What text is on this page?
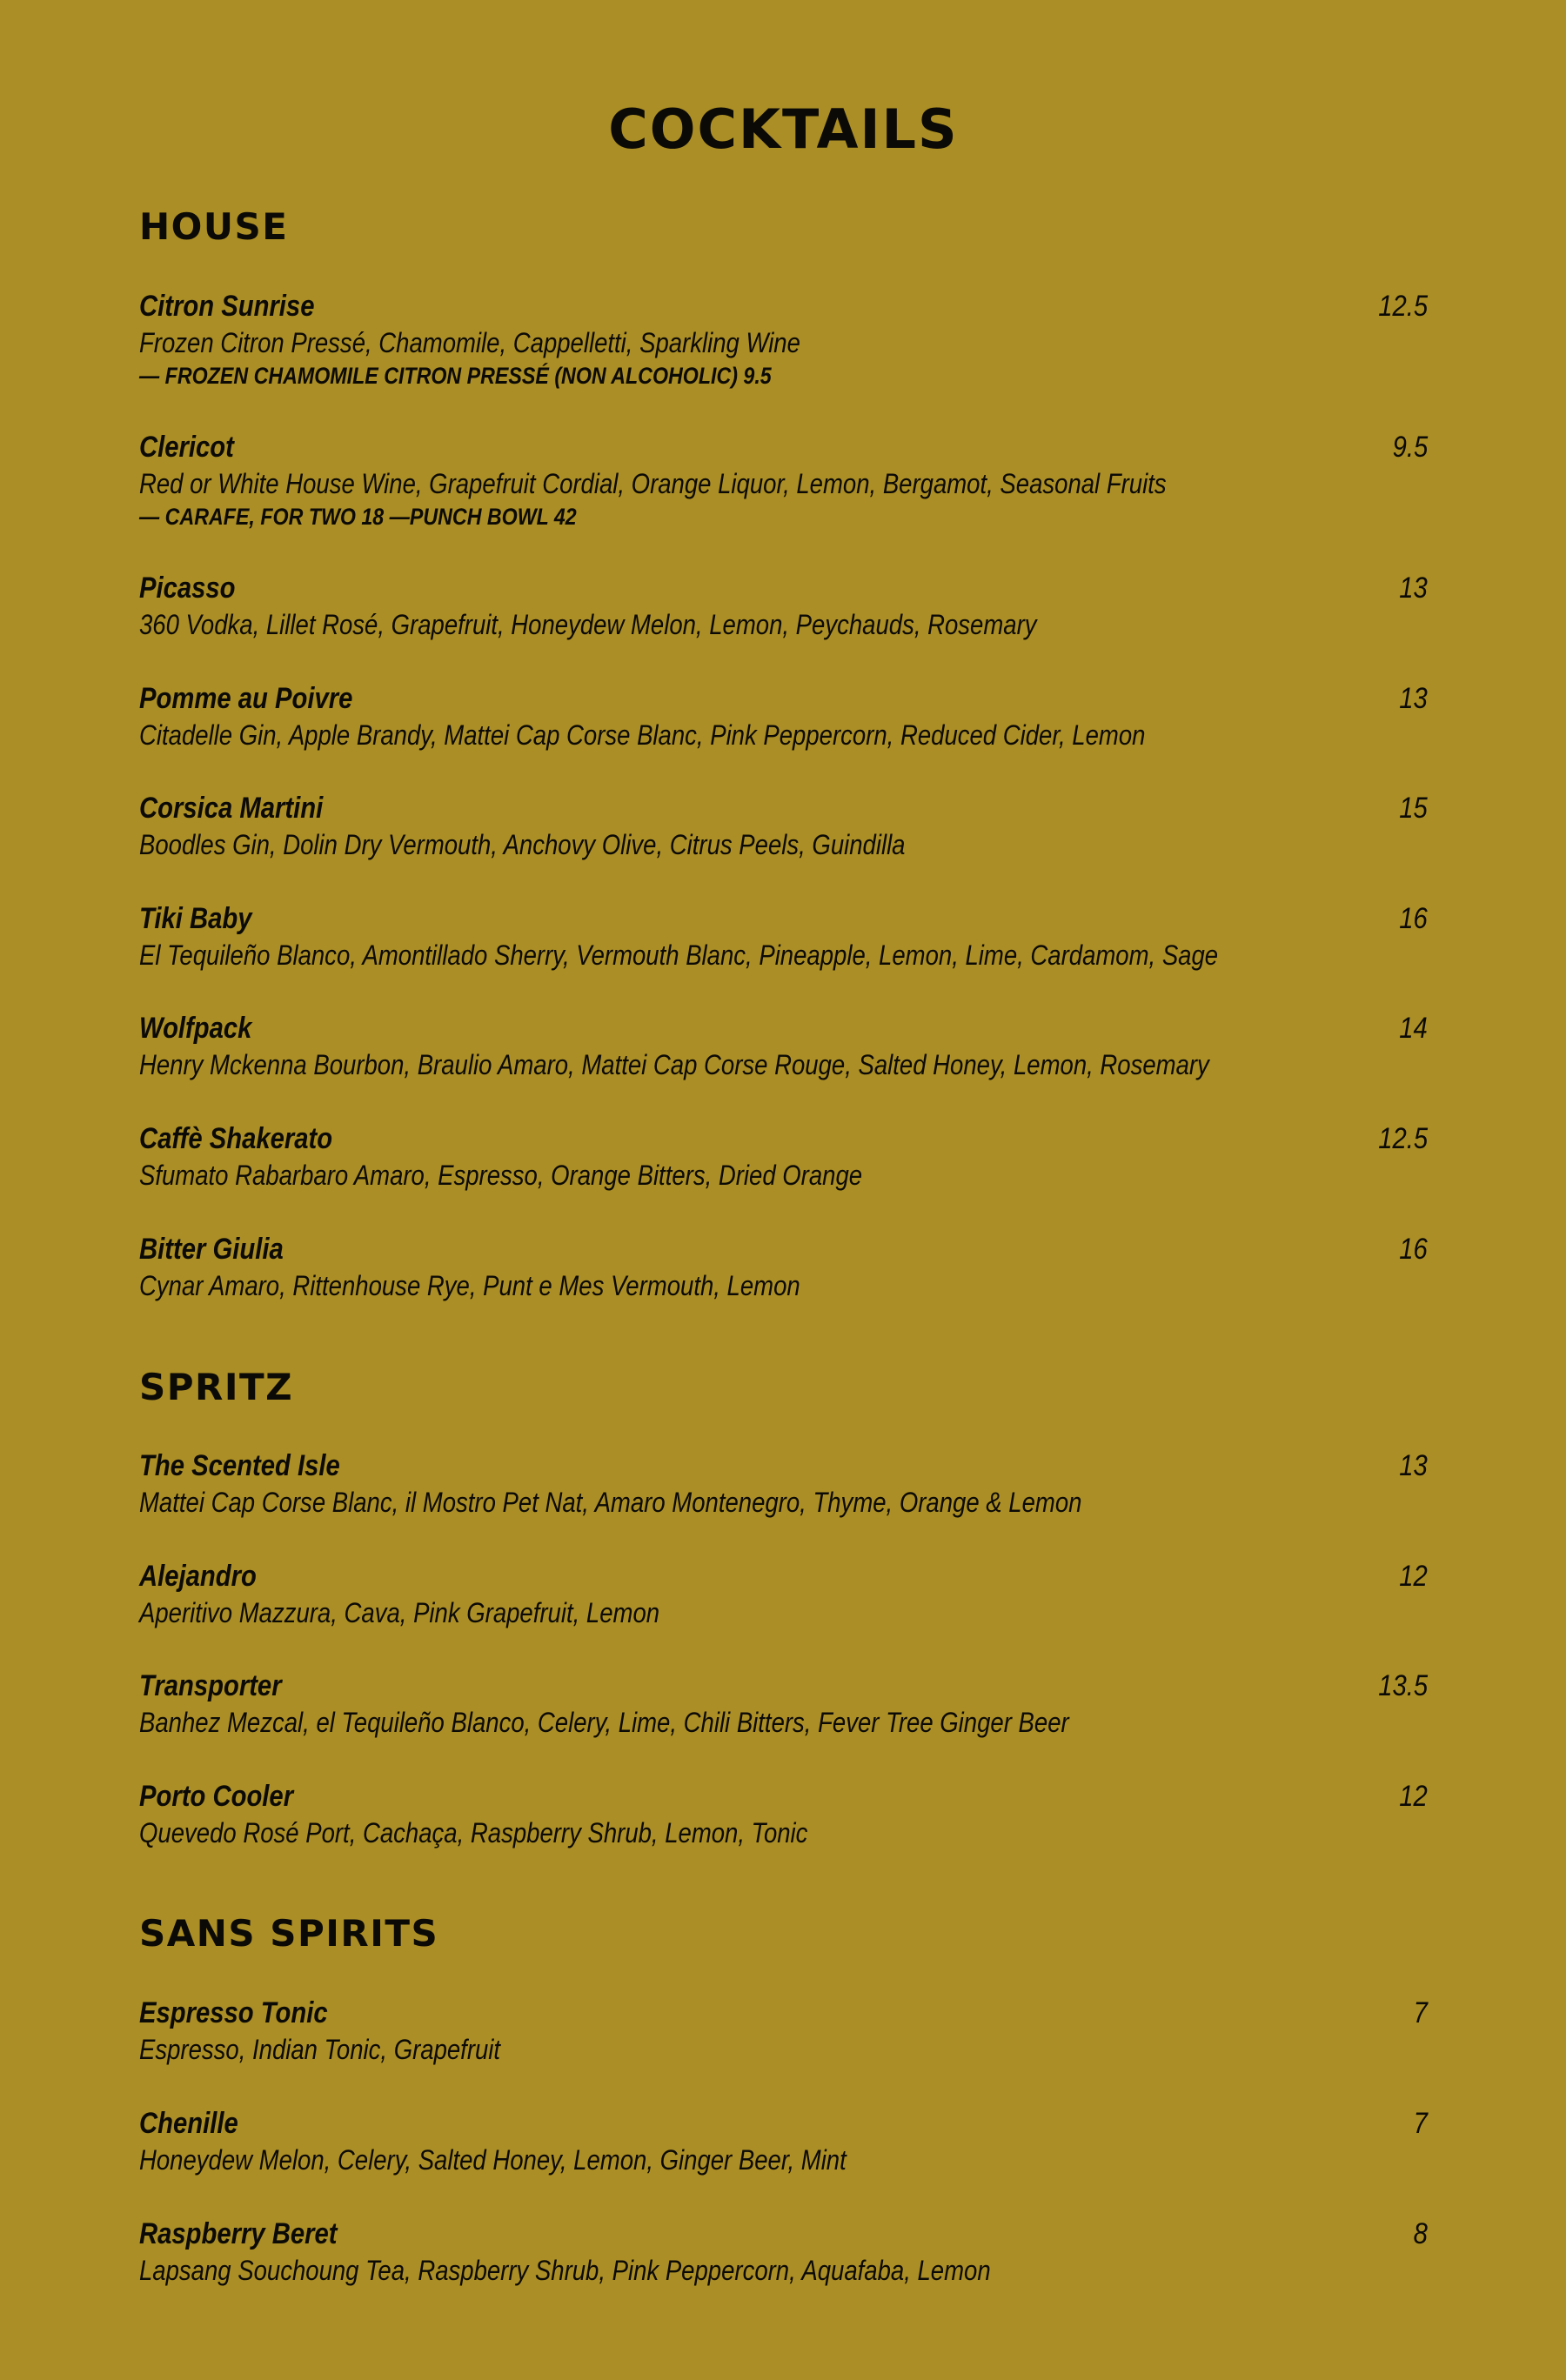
COCKTAILS
HOUSE
Citron Sunrise	12.5
Frozen Citron Pressé, Chamomile, Cappelletti, Sparkling Wine
— FROZEN CHAMOMILE CITRON PRESSÉ (NON ALCOHOLIC) 9.5
Clericot	9.5
Red or White House Wine, Grapefruit Cordial, Orange Liquor, Lemon, Bergamot, Seasonal Fruits
— CARAFE, FOR TWO 18 —PUNCH BOWL 42
Picasso	13
360 Vodka, Lillet Rosé, Grapefruit, Honeydew Melon, Lemon, Peychauds, Rosemary
Pomme au Poivre	13
Citadelle Gin, Apple Brandy, Mattei Cap Corse Blanc, Pink Peppercorn, Reduced Cider, Lemon
Corsica Martini	15
Boodles Gin, Dolin Dry Vermouth, Anchovy Olive, Citrus Peels, Guindilla
Tiki Baby	16
El Tequileño Blanco, Amontillado Sherry, Vermouth Blanc, Pineapple, Lemon, Lime, Cardamom, Sage
Wolfpack	14
Henry Mckenna Bourbon, Braulio Amaro, Mattei Cap Corse Rouge, Salted Honey, Lemon, Rosemary
Caffè Shakerato	12.5
Sfumato Rabarbaro Amaro, Espresso, Orange Bitters, Dried Orange
Bitter Giulia	16
Cynar Amaro, Rittenhouse Rye, Punt e Mes Vermouth, Lemon
SPRITZ
The Scented Isle	13
Mattei Cap Corse Blanc, il Mostro Pet Nat, Amaro Montenegro, Thyme, Orange & Lemon
Alejandro	12
Aperitivo Mazzura, Cava, Pink Grapefruit, Lemon
Transporter	13.5
Banhez Mezcal, el Tequileño Blanco, Celery, Lime, Chili Bitters, Fever Tree Ginger Beer
Porto Cooler	12
Quevedo Rosé Port, Cachaça, Raspberry Shrub, Lemon, Tonic
SANS SPIRITS
Espresso Tonic	7
Espresso, Indian Tonic, Grapefruit
Chenille	7
Honeydew Melon, Celery, Salted Honey, Lemon, Ginger Beer, Mint
Raspberry Beret	8
Lapsang Souchoung Tea, Raspberry Shrub, Pink Peppercorn, Aquafaba, Lemon
